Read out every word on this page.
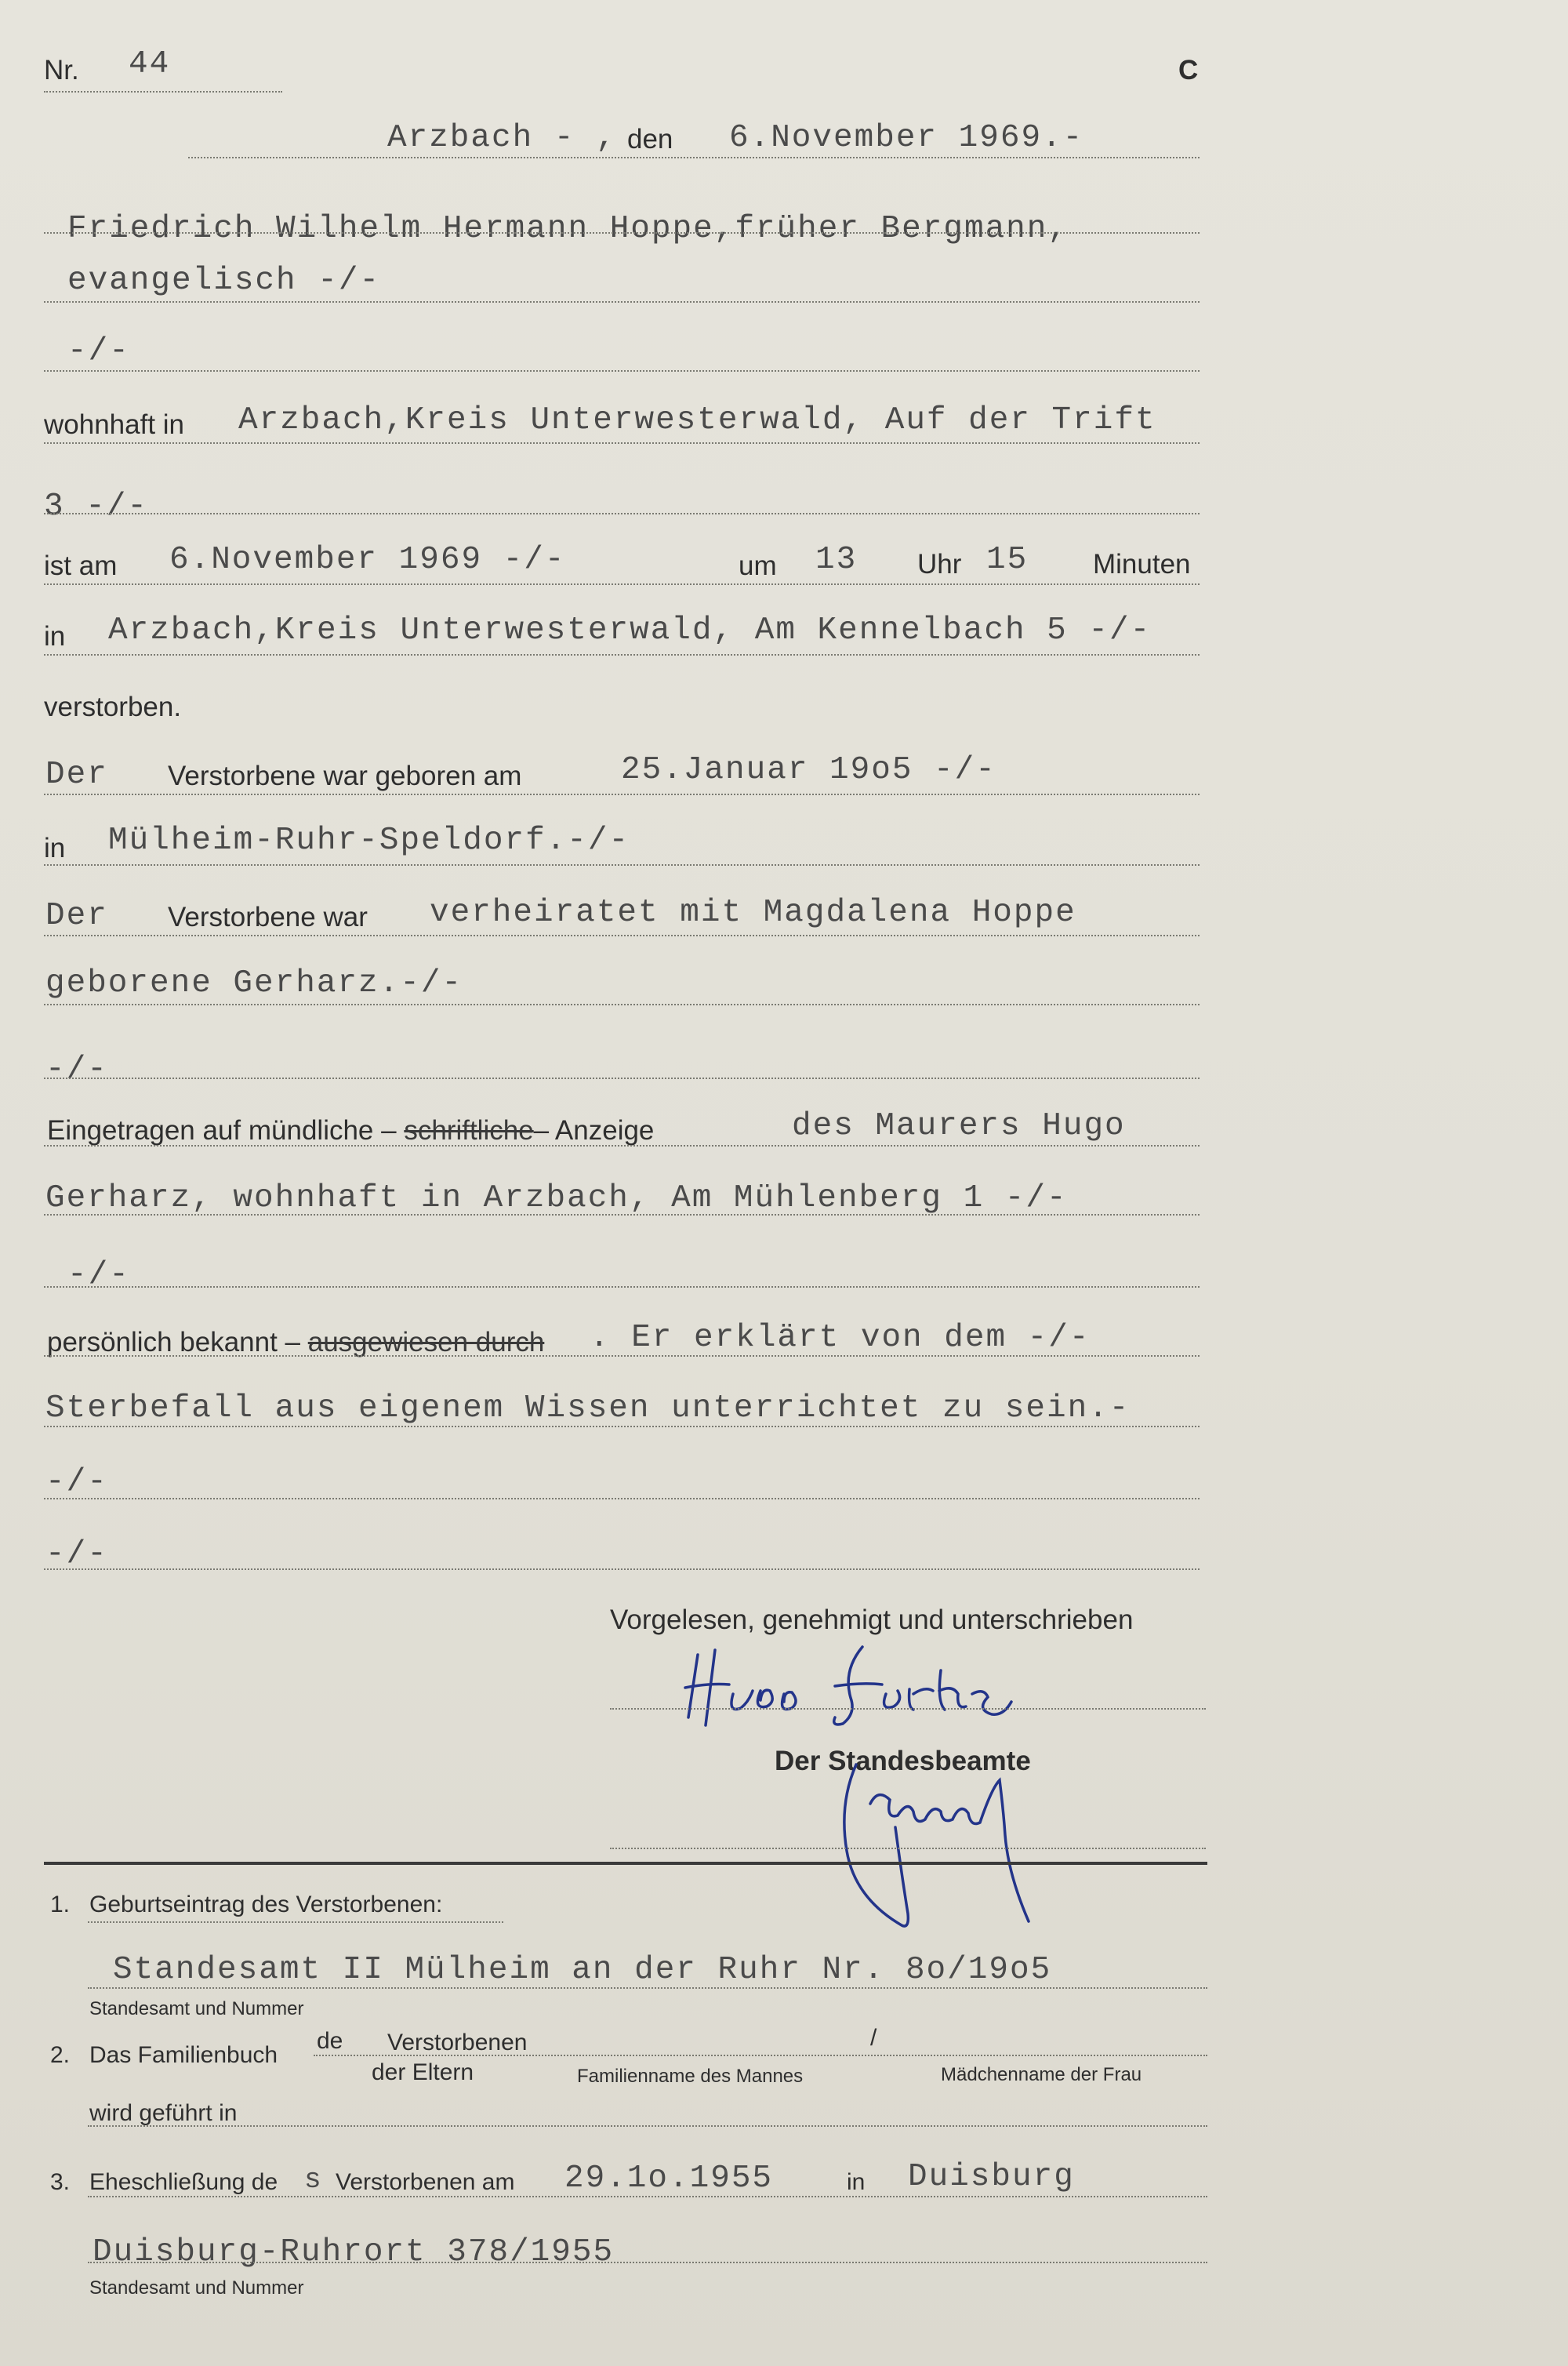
Nr. 44	C
Arzbach - , den 6.November 1969.-
Friedrich Wilhelm Hermann Hoppe,früher Bergmann,
evangelisch -/-
-/-
wohnhaft in Arzbach,Kreis Unterwesterwald, Auf der Trift
3 -/-
ist am 6.November 1969 -/-	um 13 Uhr 15 Minuten
in Arzbach,Kreis Unterwesterwald, Am Kennelbach 5 -/-
verstorben.
Der Verstorbene war geboren am	25.Januar 19o5 -/-
in Mülheim-Ruhr-Speldorf.-/-
Der Verstorbene war verheiratet mit Magdalena Hoppe
geborene Gerharz.-/-
-/-
Eingetragen auf mündliche – schriftliche– Anzeige	des Maurers Hugo
Gerharz, wohnhaft in Arzbach, Am Mühlenberg 1 -/-
-/-
persönlich bekannt – ausgewiesen durch . Er erklärt von dem -/-
Sterbefall aus eigenem Wissen unterrichtet zu sein.-
-/-
-/-
Vorgelesen, genehmigt und unterschrieben
Der Standesbeamte
1. Geburtseintrag des Verstorbenen:
Standesamt II Mülheim an der Ruhr Nr. 8o/19o5
Standesamt und Nummer
2. Das Familienbuch
de Verstorbenen
der Eltern
/
Familienname des Mannes	Mädchenname der Frau
wird geführt in
3. Eheschließung de s Verstorbenen am 29.1o.1955	in Duisburg
Duisburg-Ruhrort 378/1955
Standesamt und Nummer
